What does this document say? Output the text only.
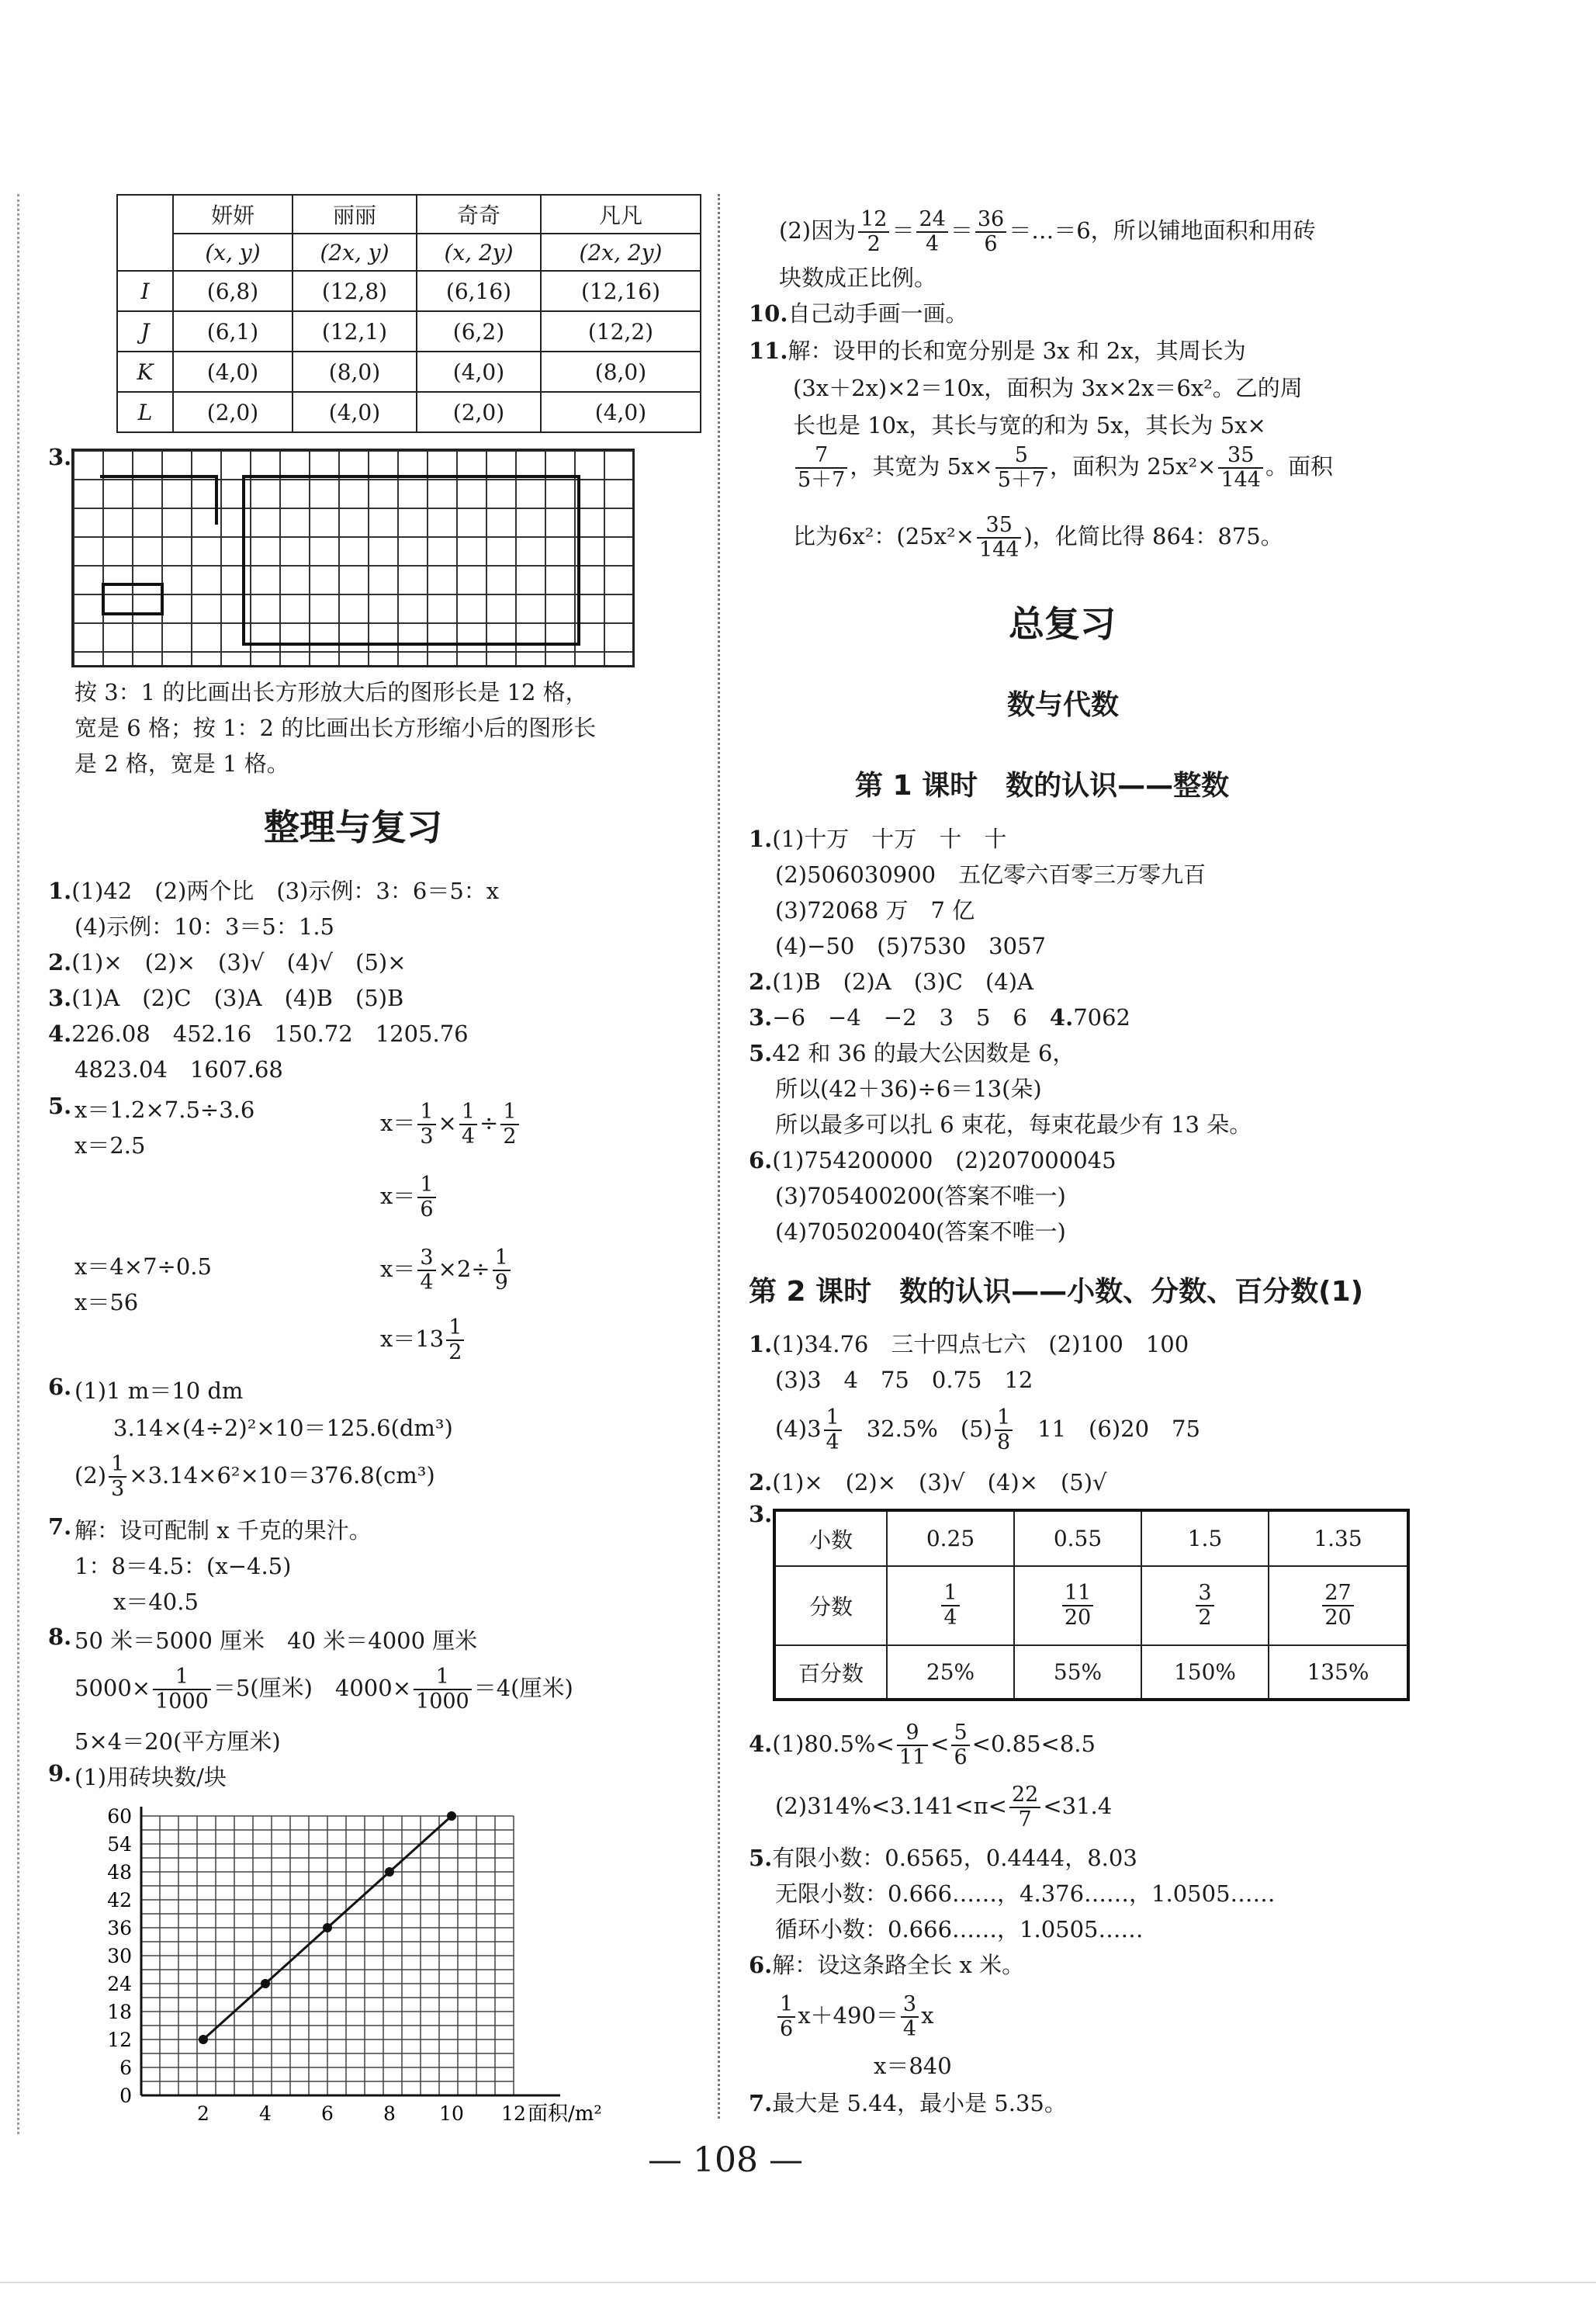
	妍妍	丽丽	奇奇	凡凡
	(x, y)	(2x, y)	(x, 2y)	(2x, 2y)
I	(6,8)	(12,8)	(6,16)	(12,16)
J	(6,1)	(12,1)	(6,2)	(12,2)
K	(4,0)	(8,0)	(4,0)	(8,0)
L	(2,0)	(4,0)	(2,0)	(4,0)
3.
按 3：1 的比画出长方形放大后的图形长是 12 格，
宽是 6 格；按 1：2 的比画出长方形缩小后的图形长
是 2 格，宽是 1 格。
整理与复习
1.(1)42　(2)两个比　(3)示例：3：6＝5：x
(4)示例：10：3＝5：1.5
2.(1)×　(2)×　(3)√　(4)√　(5)×
3.(1)A　(2)C　(3)A　(4)B　(5)B
4.226.08　452.16　150.72　1205.76
4823.04　1607.68
5. x＝1.2×7.5÷3.6
x＝2.5
$x= \frac{1}{3} \times \frac{1}{4} \div \frac{1}{2}$
$x= \frac{1}{6}$
x＝4×7÷0.5
x＝56
$x= \frac{3}{4} \times 2\div \frac{1}{9}$
$x=13 \frac{1}{2}$
6. (1)1 m＝10 dm
3.14×(4÷2)²×10＝125.6(dm³)
$(2) \frac{1}{3} \times 3.14\times 6^2\times 10=376.8(cm^3)$
7. 解：设可配制 x 千克的果汁。
1：8＝4.5：(x−4.5)
x＝40.5
8. 50 米＝5000 厘米　40 米＝4000 厘米
$5000\times \frac{1}{1000} =5$(厘米)　$4000\times \frac{1}{1000} =4$(厘米)
5×4＝20(平方厘米)
9. (1)用砖块数/块
60
54
48
42
36
30
24
18
12
6
0
2	4	6	8 10 12 面积/m²
(2)因为 $\frac{12}{2} = \frac{24}{4} = \frac{36}{6}$ ＝…＝6，所以铺地面积和用砖
块数成正比例。
10.自己动手画一画。
11.解：设甲的长和宽分别是 3x 和 2x，其周长为
(3x＋2x)×2＝10x，面积为 3x×2x＝6x²。乙的周
长也是 10x，其长与宽的和为 5x，其长为 5x×
$\frac{7}{5+7}$ ，其宽为 $5x\times \frac{5}{5+7}$ ，面积为 $25x^2\times \frac{35}{144}$ 。面积
比为6x²：($25x^2\times \frac{35}{144}$ )，化简比得 864：875。
总复习
数与代数
第 1 课时　数的认识——整数
1.(1)十万　十万　十　十
(2)506030900　五亿零六百零三万零九百
(3)72068 万　7 亿
(4)−50　(5)7530　3057
2.(1)B　(2)A　(3)C　(4)A
3.−6　−4　−2　3　5　6　 4.7062
5.42 和 36 的最大公因数是 6，
所以(42＋36)÷6＝13(朵)
所以最多可以扎 6 束花，每束花最少有 13 朵。
6.(1)754200000　(2)207000045
(3)705400200(答案不唯一)
(4)705020040(答案不唯一)
第 2 课时　数的认识——小数、分数、百分数(1)
1.(1)34.76　三十四点七六　(2)100　100
(3)3　4　75　0.75　12
$(4)3 \frac{1}{4}$
　 32.5%　$(5) \frac{1}{8}$
　 11　(6)20　75
2.(1)×　(2)×　(3)√　(4)×　(5)√
3.
小数	0.25	0.55	1.5	1.35
分数	$\frac{1}{4}$	$\frac{11}{20}$	$\frac{3}{2}$	$\frac{27}{20}$

百分数	25%	55%	150%	135%
$4.(1)80.5\%< \frac{9}{11} < \frac{5}{6} <0.85<8.5$
$(2)314\%<3.141<\pi< \frac{22}{7} <31.4$
5.有限小数：0.6565，0.4444，8.03
无限小数：0.666……，4.376……，1.0505……
循环小数：0.666……，1.0505……
6.解：设这条路全长 x 米。
$\frac{1}{6} x+490= \frac{3}{4}$ x
x＝840
7.最大是 5.44，最小是 5.35。
— 108 —
